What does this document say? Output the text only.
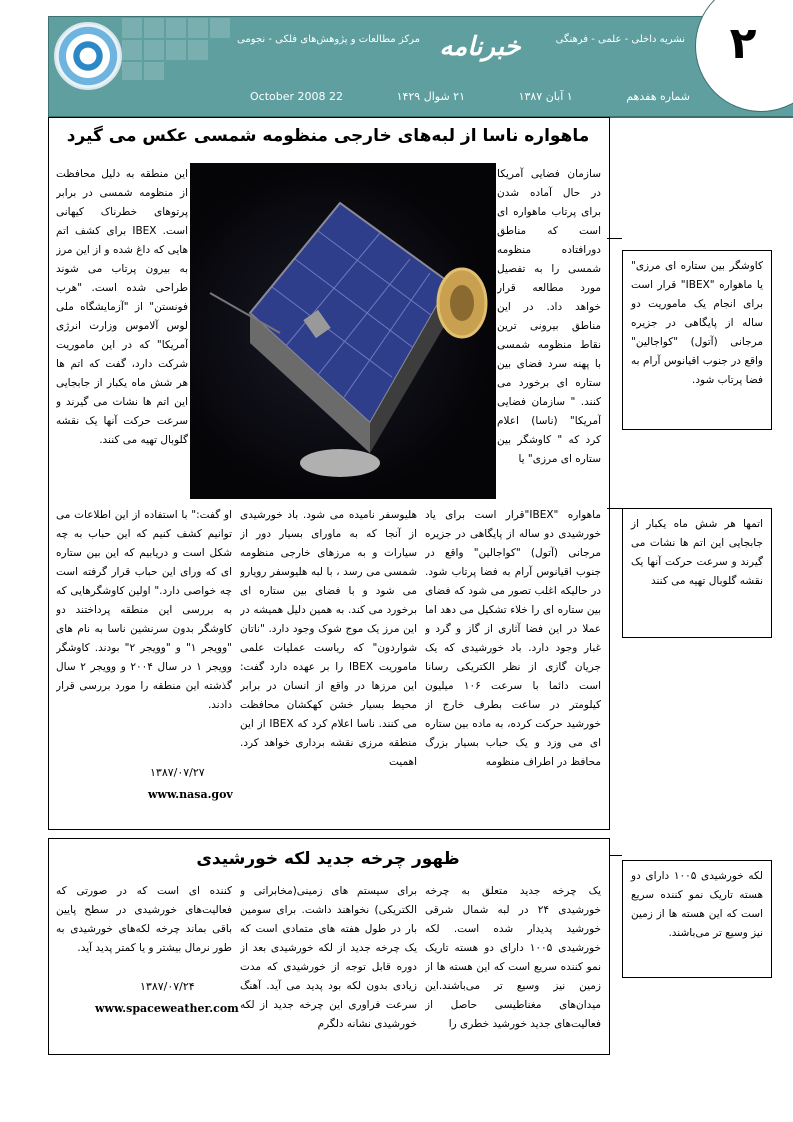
۲
خبرنامه	نشریه داخلی - علمی - فرهنگی
مرکز مطالعات و پژوهش‌های فلکی - نجومی
شماره هفدهم
۱ آبان ۱۳۸۷
۲۱ شوال ۱۴۲۹
22 October 2008
ماهواره ناسا از لبه‌های خارجی منظومه شمسی عکس می گیرد

سازمان فضایی آمریکا در حال آماده شدن برای پرتاب ماهواره ای است که مناطق دورافتاده منظومه شمسی را به تفصیل مورد مطالعه قرار خواهد داد. در این مناطق بیرونی ترین نقاط منظومه شمسی با پهنه سرد فضای بین ستاره ای برخورد می کنند. " سازمان فضایی آمریکا" (ناسا) اعلام کرد که " کاوشگر بین ستاره ای مرزی" یا

این منطقه به دلیل محافظت از منظومه شمسی در برابر پرتوهای خطرناک کیهانی است. IBEX برای کشف اتم هایی که داغ شده و از این مرز به بیرون پرتاب می شوند طراحی شده است. "هرب فونستن" از "آزمایشگاه ملی لوس آلاموس وزارت انرژی آمریکا" که در این ماموریت شرکت دارد، گفت که اتم ها هر شش ماه یکبار از جابجایی این اتم ها نشات می گیرند و سرعت حرکت آنها یک نقشه گلوبال تهیه می کنند.

ماهواره "IBEX"قرار است برای یاد خورشیدی دو ساله از پایگاهی در جزیره مرجانی (آتول) "کواجالین" واقع در جنوب اقیانوس آرام به فضا پرتاب شود. در حالیکه اغلب تصور می شود که فضای بین ستاره ای را خلاء تشکیل می دهد اما عملا در این فضا آثاری از گاز و گرد و غبار وجود دارد. باد خورشیدی که یک جریان گازی از نظر الکتریکی رسانا است دائما با سرعت ۱۰۶ میلیون کیلومتر در ساعت بطرف خارج از خورشید حرکت کرده، به ماده بین ستاره ای می وزد و یک حباب بسیار بزرگ محافظ در اطراف منظومه

هلیوسفر نامیده می شود. باد خورشیدی از آنجا که به ماورای بسیار دور از سیارات و به مرزهای خارجی منظومه شمسی می رسد ، با لبه هلیوسفر رویارو می شود و با فضای بین ستاره ای برخورد می کند. به همین دلیل همیشه در این مرز یک موج شوک وجود دارد. "ناتان شواردون" که ریاست عملیات علمی ماموریت IBEX را بر عهده دارد گفت: این مرزها در واقع از انسان در برابر محیط بسیار خشن کهکشان محافظت می کنند. ناسا اعلام کرد که IBEX از این منطقه مرزی نقشه برداری خواهد کرد. اهمیت

او گفت:" با استفاده از این اطلاعات می توانیم کشف کنیم که این حباب به چه شکل است و دریابیم که این بین ستاره ای که ورای این حباب قرار گرفته است چه خواصی دارد." اولین کاوشگرهایی که به بررسی این منطقه پرداختند دو کاوشگر بدون سرنشین ناسا به نام های "وویجر ۱" و "وویجر ۲" بودند. کاوشگر وویجر ۱ در سال ۲۰۰۴ و وویجر ۲ سال گذشته این منطقه را مورد بررسی قرار دادند.

۱۳۸۷/۰۷/۲۷
www.nasa.gov
کاوشگر بین ستاره ای مرزی" یا ماهواره "IBEX" قرار است برای انجام یک ماموریت دو ساله از پایگاهی در جزیره مرجانی (آتول) "کواجالین" واقع در جنوب اقیانوس آرام به فضا پرتاب شود.
اتمها هر شش ماه یکبار از جابجایی این اتم ها نشات می گیرند و سرعت حرکت آنها یک نقشه گلوبال تهیه می کنند
لکه خورشیدی ۱۰۰۵ دارای دو هسته تاریک نمو کننده سریع است که این هسته ها از زمین نیز وسیع تر می‌باشند.
ظهور چرخه جدید لکه خورشیدی

یک چرخه جدید متعلق به چرخه خورشیدی ۲۴ در لبه شمال شرقی خورشید پدیدار شده است. لکه خورشیدی ۱۰۰۵ دارای دو هسته تاریک نمو کننده سریع است که این هسته ها از زمین نیز وسیع تر می‌باشند.این میدان‌های مغناطیسی حاصل از فعالیت‌های جدید خورشید خطری را

برای سیستم های زمینی(مخابراتی و الکتریکی) نخواهند داشت. برای سومین بار در طول هفته های متمادی است که یک چرخه جدید از لکه خورشیدی بعد از دوره قابل توجه از خورشیدی که مدت زیادی بدون لکه بود پدید می آید. آهنگ سرعت فراوری این چرخه جدید از لکه خورشیدی نشانه دلگرم

کننده ای است که در صورتی که فعالیت‌های خورشیدی در سطح پایین باقی بماند چرخه لکه‌های خورشیدی به طور نرمال بیشتر و یا کمتر پدید آید.

۱۳۸۷/۰۷/۲۴
www.spaceweather.com
